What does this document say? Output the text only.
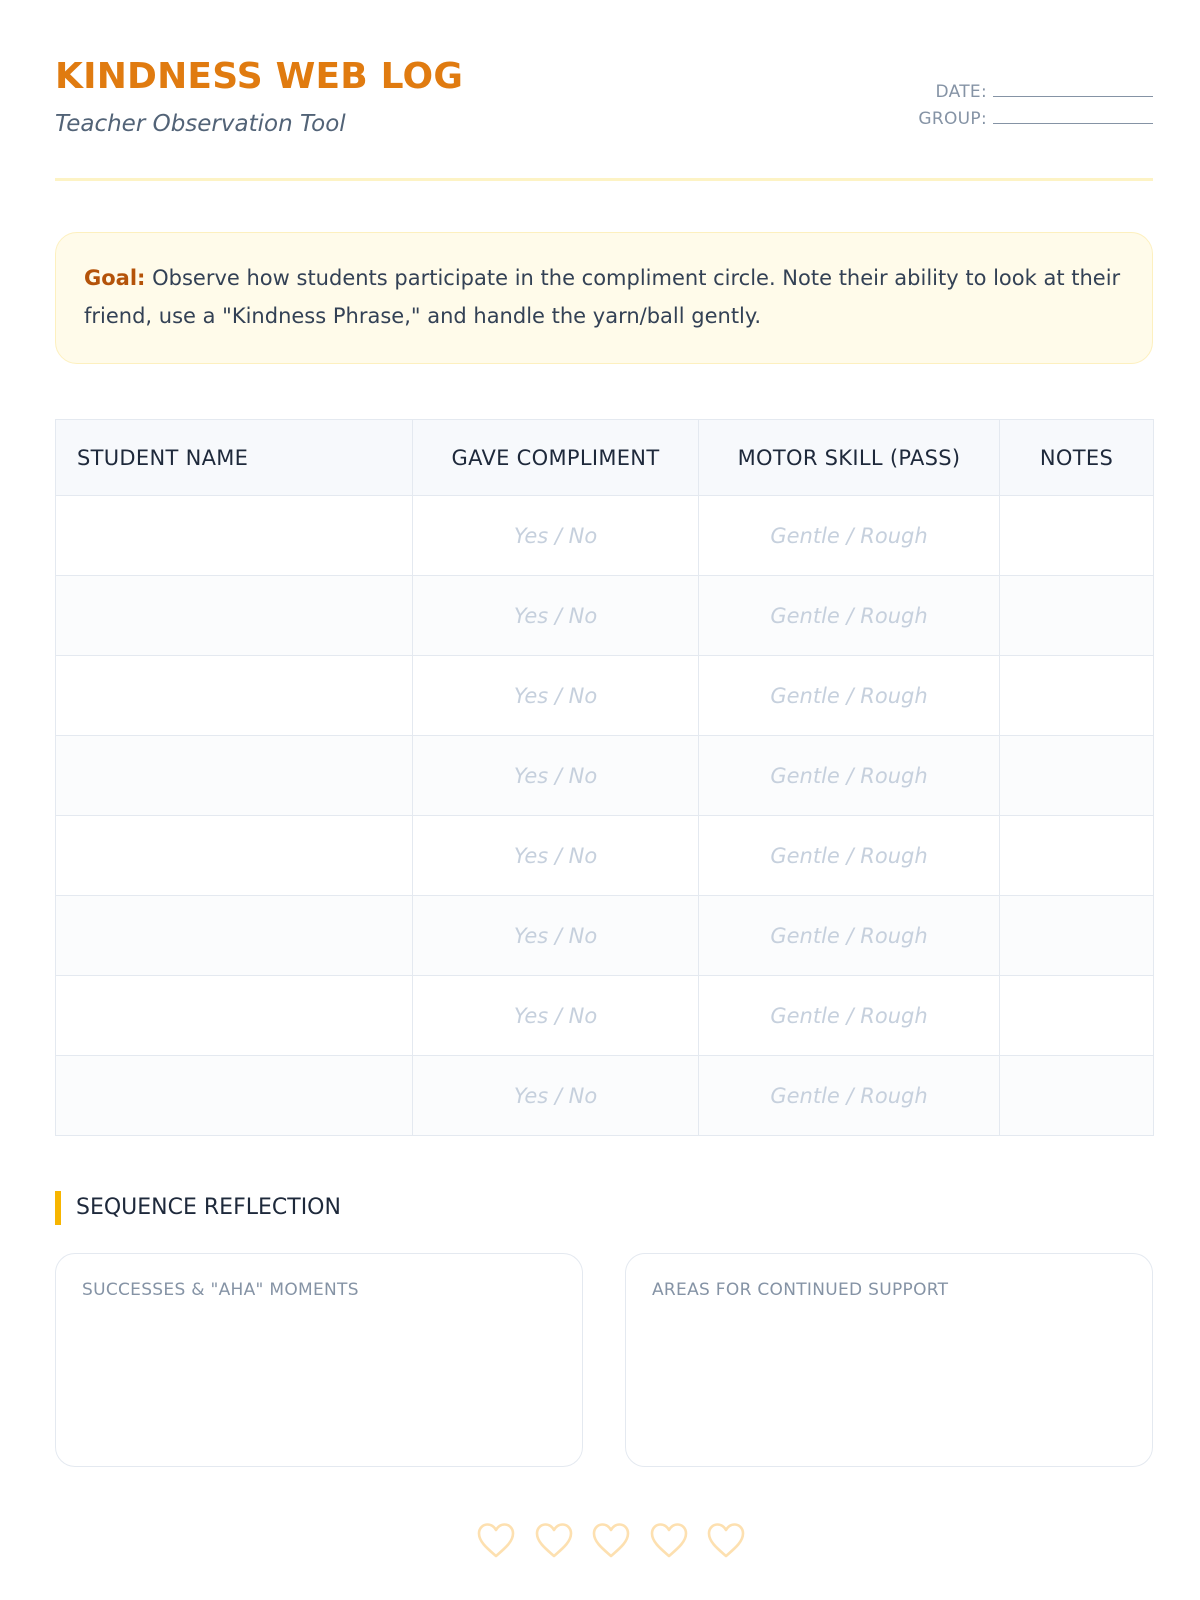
KINDNESS WEB LOG
Teacher Observation Tool
DATE:
GROUP:
Goal: Observe how students participate in the compliment circle. Note their ability to look at their friend, use a "Kindness Phrase," and handle the yarn/ball gently.
STUDENT NAME	GAVE COMPLIMENT	MOTOR SKILL (PASS)	NOTES
	Yes / No	Gentle / Rough	
	Yes / No	Gentle / Rough	
	Yes / No	Gentle / Rough	
	Yes / No	Gentle / Rough	
	Yes / No	Gentle / Rough	
	Yes / No	Gentle / Rough	
	Yes / No	Gentle / Rough	
	Yes / No	Gentle / Rough	
SEQUENCE REFLECTION
SUCCESSES & "AHA" MOMENTS	AREAS FOR CONTINUED SUPPORT
